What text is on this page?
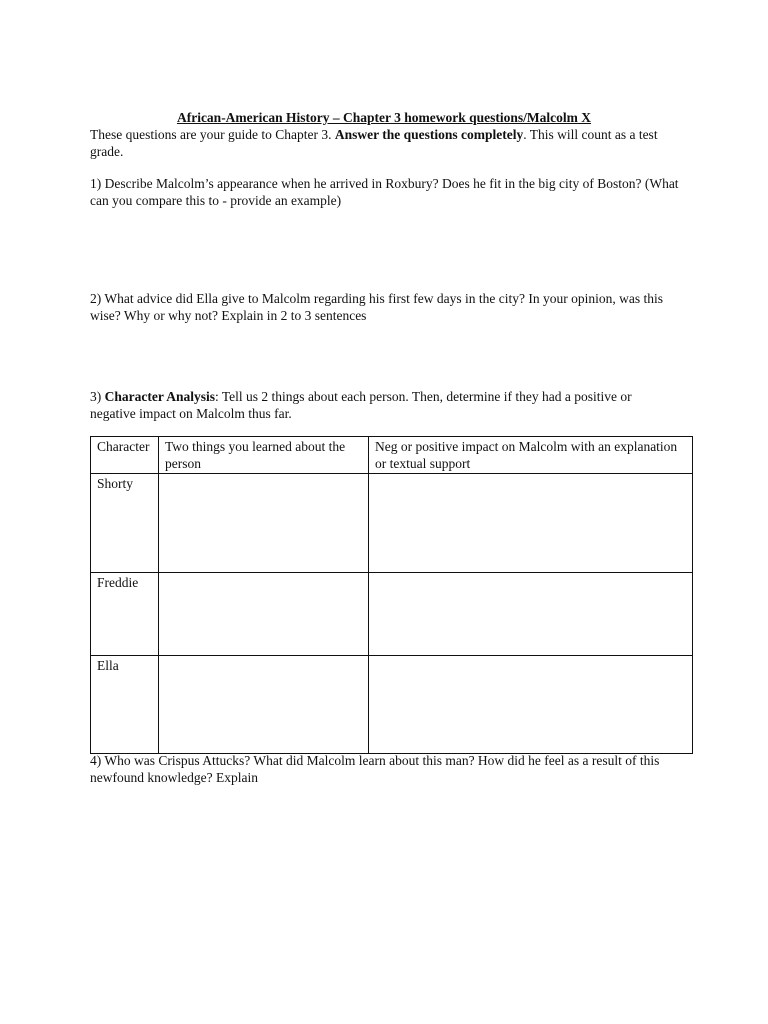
African-American History – Chapter 3 homework questions/Malcolm X
These questions are your guide to Chapter 3. Answer the questions completely. This will count as a test grade.
1) Describe Malcolm’s appearance when he arrived in Roxbury? Does he fit in the big city of Boston? (What can you compare this to - provide an example)
2) What advice did Ella give to Malcolm regarding his first few days in the city? In your opinion, was this wise? Why or why not? Explain in 2 to 3 sentences
3) Character Analysis: Tell us 2 things about each person. Then, determine if they had a positive or negative impact on Malcolm thus far.
Character	Two things you learned about the person	Neg or positive impact on Malcolm with an explanation or textual support
Shorty		
Freddie		
Ella		
4) Who was Crispus Attucks? What did Malcolm learn about this man? How did he feel as a result of this newfound knowledge? Explain
